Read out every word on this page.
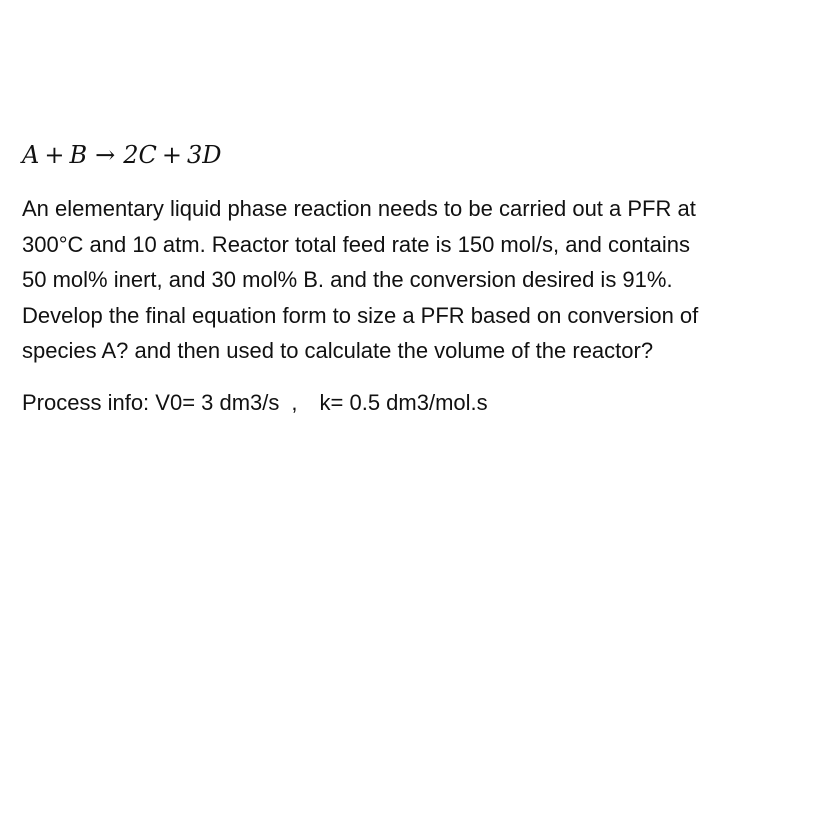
A + B → 2C + 3D
An elementary liquid phase reaction needs to be carried out a PFR at
300°C and 10 atm. Reactor total feed rate is 150 mol/s, and contains
50 mol% inert, and 30 mol% B. and the conversion desired is 91%.
Develop the final equation form to size a PFR based on conversion of
species A? and then used to calculate the volume of the reactor?
Process info: V0= 3 dm3/s , k= 0.5 dm3/mol.s
